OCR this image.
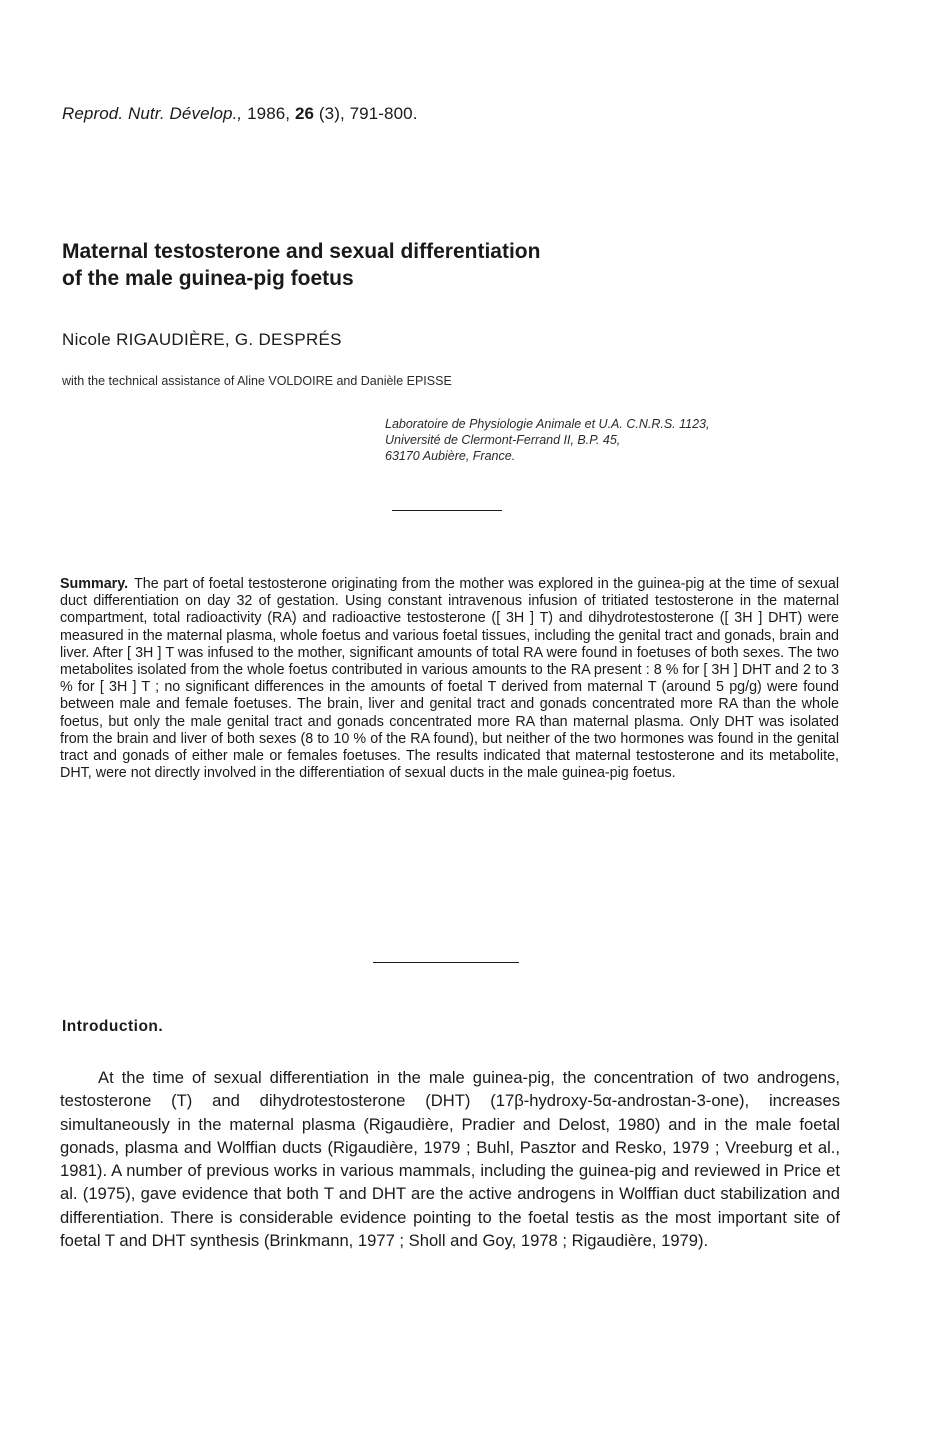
Reprod. Nutr. Dévelop., 1986, 26 (3), 791-800.
Maternal testosterone and sexual differentiation
of the male guinea-pig foetus
Nicole RIGAUDIÈRE, G. DESPRÉS
with the technical assistance of Aline VOLDOIRE and Danièle EPISSE
Laboratoire de Physiologie Animale et U.A. C.N.R.S. 1123,
Université de Clermont-Ferrand II, B.P. 45,
63170 Aubière, France.

Summary. The part of foetal testosterone originating from the mother was explored in the guinea-pig at the time of sexual duct differentiation on day 32 of gestation. Using constant intravenous infusion of tritiated testosterone in the maternal compartment, total radioactivity (RA) and radioactive testosterone ([ 3H ] T) and dihydrotestosterone ([ 3H ] DHT) were measured in the maternal plasma, whole foetus and various foetal tissues, including the genital tract and gonads, brain and liver. After [ 3H ] T was infused to the mother, significant amounts of total RA were found in foetuses of both sexes. The two metabolites isolated from the whole foetus contributed in various amounts to the RA present : 8 % for [ 3H ] DHT and 2 to 3 % for [ 3H ] T ; no significant differences in the amounts of foetal T derived from maternal T (around 5 pg/g) were found between male and female foetuses. The brain, liver and genital tract and gonads concentrated more RA than the whole foetus, but only the male genital tract and gonads concentrated more RA than maternal plasma. Only DHT was isolated from the brain and liver of both sexes (8 to 10 % of the RA found), but neither of the two hormones was found in the genital tract and gonads of either male or females foetuses. The results indicated that maternal testosterone and its metabolite, DHT, were not directly involved in the differentiation of sexual ducts in the male guinea-pig foetus.

Introduction.

At the time of sexual differentiation in the male guinea-pig, the concentration of two androgens, testosterone (T) and dihydrotestosterone (DHT) (17β-hydroxy-5α-androstan-3-one), increases simultaneously in the maternal plasma (Rigaudière, Pradier and Delost, 1980) and in the male foetal gonads, plasma and Wolffian ducts (Rigaudière, 1979 ; Buhl, Pasztor and Resko, 1979 ; Vreeburg et al., 1981). A number of previous works in various mammals, including the guinea-pig and reviewed in Price et al. (1975), gave evidence that both T and DHT are the active androgens in Wolffian duct stabilization and differentiation. There is considerable evidence pointing to the foetal testis as the most important site of foetal T and DHT synthesis (Brinkmann, 1977 ; Sholl and Goy, 1978 ; Rigaudière, 1979).
